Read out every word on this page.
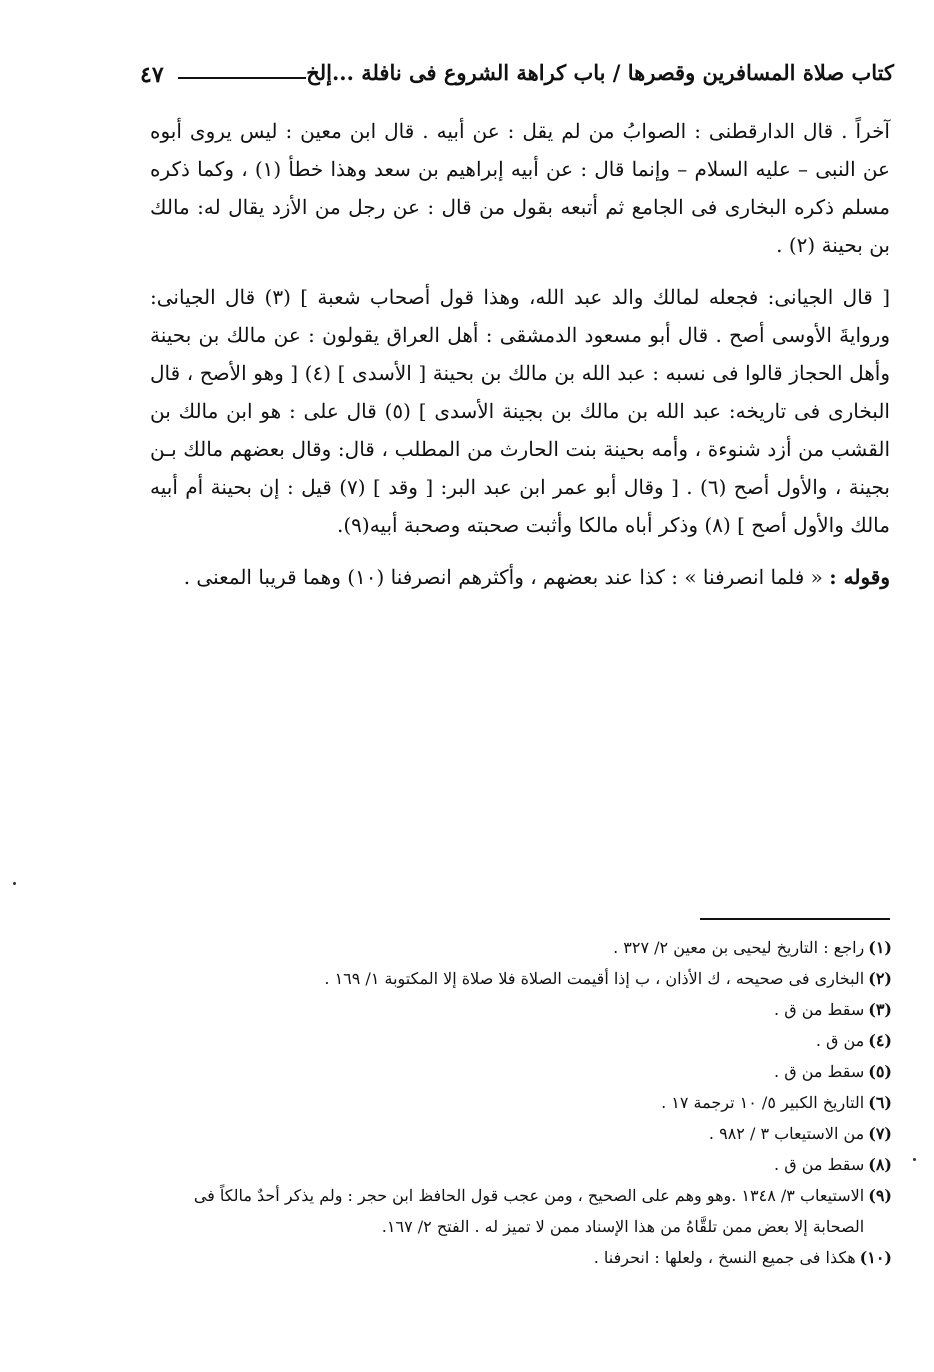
كتاب صلاة المسافرين وقصرها / باب كراهة الشروع فى نافلة ...إلخ
٤٧

آخراً . قال الدارقطنى : الصوابُ من لم يقل : عن أبيه . قال ابن معين : ليس يروى أبوه عن النبى – عليه السلام – وإنما قال : عن أبيه إبراهيم بن سعد وهذا خطأ (١) ، وكما ذكره مسلم ذكره البخارى فى الجامع ثم أتبعه بقول من قال : عن رجل من الأزد يقال له: مالك بن بحينة (٢) .

[ قال الجيانى: فجعله لمالك والد عبد الله، وهذا قول أصحاب شعبة ] (٣) قال الجيانى: وروايةَ الأوسى أصح . قال أبو مسعود الدمشقى : أهل العراق يقولون : عن مالك بن بحينة وأهل الحجاز قالوا فى نسبه : عبد الله بن مالك بن بحينة [ الأسدى ] (٤) [ وهو الأصح ، قال البخارى فى تاريخه: عبد الله بن مالك بن بجينة الأسدى ] (٥) قال على : هو ابن مالك بن القشب من أزد شنوءة ، وأمه بحينة بنت الحارث من المطلب ، قال: وقال بعضهم مالك بـن بجينة ، والأول أصح (٦) . [ وقال أبو عمر ابن عبد البر: [ وقد ] (٧) قيل : إن بحينة أم أبيه مالك والأول أصح ] (٨) وذكر أباه مالكا وأثبت صحبته وصحبة أبيه(٩).

وقوله : « فلما انصرفنا » : كذا عند بعضهم ، وأكثرهم انصرفنا (١٠) وهما قريبا المعنى .

(١)
راجع : التاريخ ليحيى بن معين ٢/ ٣٢٧ .
(٢)
البخارى فى صحيحه ، ك الأذان ، ب إذا أقيمت الصلاة فلا صلاة إلا المكتوبة ١/ ١٦٩ .
(٣)
سقط من ق .
(٤)
من ق .
(٥)
سقط من ق .
(٦)
التاريخ الكبير ٥/ ١٠ ترجمة ١٧ .
(٧)
من الاستيعاب ٣ / ٩٨٢ .
(٨)
سقط من ق .
(٩)
الاستيعاب ٣/ ١٣٤٨ .وهو وهم على الصحيح ، ومن عجب قول الحافظ ابن حجر : ولم يذكر أحدٌ مالكاً فى الصحابة إلا بعض ممن تلقَّاهُ من هذا الإسناد ممن لا تميز له . الفتح ٢/ ١٦٧.
(١٠)
هكذا فى جميع النسخ ، ولعلها : انحرفنا .
